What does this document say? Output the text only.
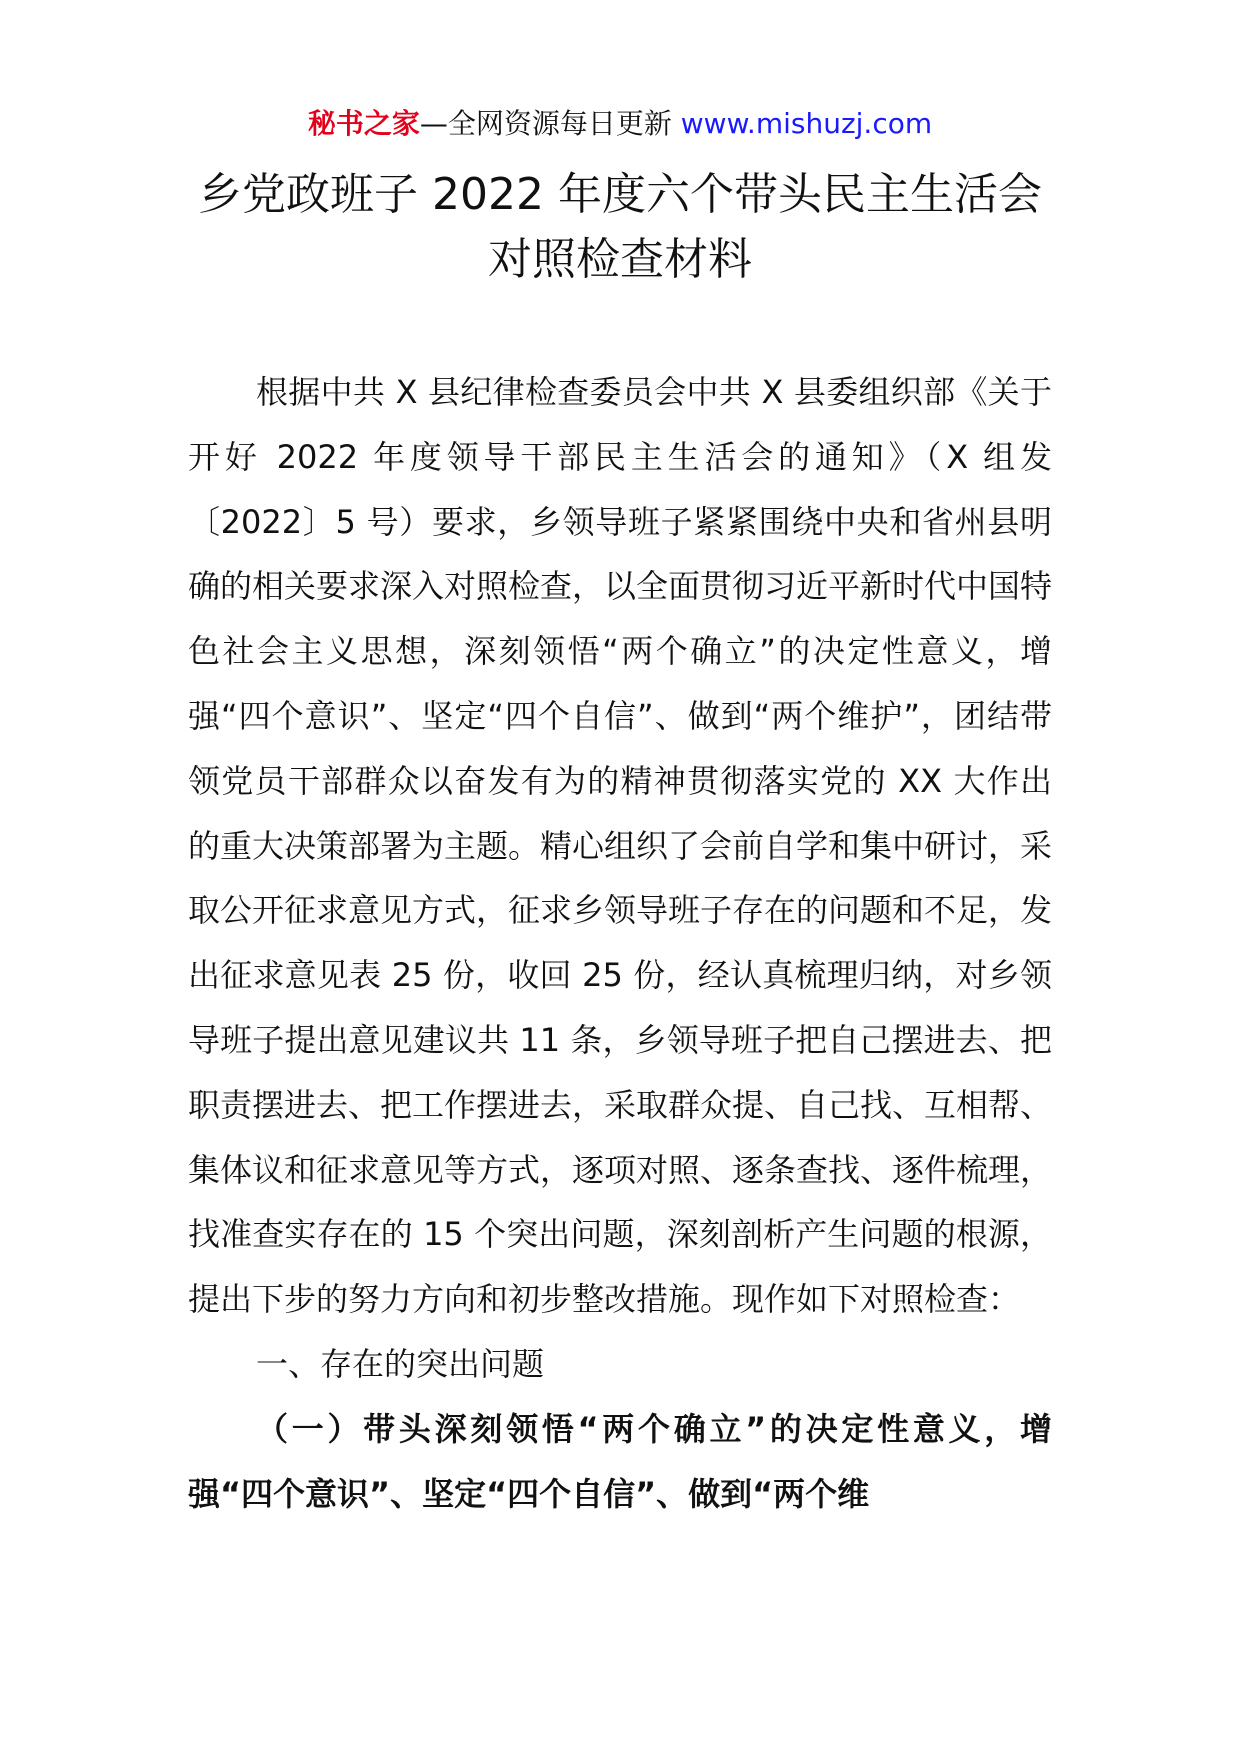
秘书之家—全网资源每日更新 www.mishuzj.com
乡党政班子 2022 年度六个带头民主生活会
对照检查材料

根据中共 X 县纪律检查委员会中共 X 县委组织部《关于开好 2022 年度领导干部民主生活会的通知》（X 组发〔2022〕5 号）要求，乡领导班子紧紧围绕中央和省州县明确的相关要求深入对照检查，以全面贯彻习近平新时代中国特色社会主义思想，深刻领悟“两个确立”的决定性意义，增强“四个意识”、坚定“四个自信”、做到“两个维护”，团结带领党员干部群众以奋发有为的精神贯彻落实党的 XX 大作出的重大决策部署为主题。精心组织了会前自学和集中研讨，采取公开征求意见方式，征求乡领导班子存在的问题和不足，发出征求意见表 25 份，收回 25 份，经认真梳理归纳，对乡领导班子提出意见建议共 11 条，乡领导班子把自己摆进去、把职责摆进去、把工作摆进去，采取群众提、自己找、互相帮、集体议和征求意见等方式，逐项对照、逐条查找、逐件梳理，找准查实存在的 15 个突出问题，深刻剖析产生问题的根源，提出下步的努力方向和初步整改措施。现作如下对照检查：

一、存在的突出问题

（一）带头深刻领悟“两个确立”的决定性意义，增强“四个意识”、坚定“四个自信”、做到“两个维
